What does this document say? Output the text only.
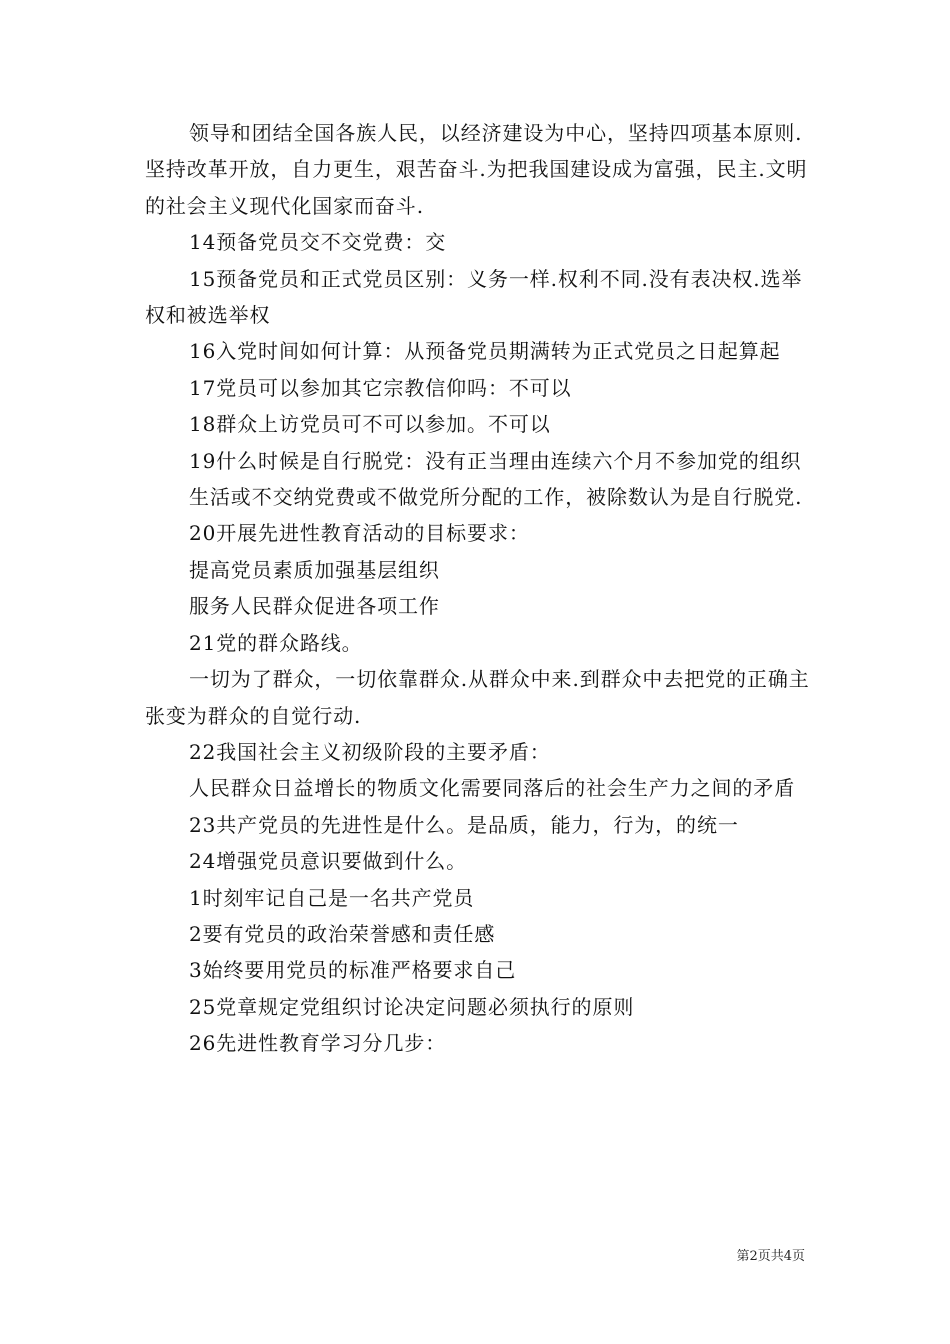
领导和团结全国各族人民，以经济建设为中心，坚持四项基本原则.坚持改革开放，自力更生，艰苦奋斗.为把我国建设成为富强，民主.文明的社会主义现代化国家而奋斗.

14预备党员交不交党费：交

15预备党员和正式党员区别：义务一样.权利不同.没有表决权.选举权和被选举权

16入党时间如何计算：从预备党员期满转为正式党员之日起算起

17党员可以参加其它宗教信仰吗：不可以

18群众上访党员可不可以参加。不可以

19什么时候是自行脱党：没有正当理由连续六个月不参加党的组织

生活或不交纳党费或不做党所分配的工作，被除数认为是自行脱党.

20开展先进性教育活动的目标要求：

提高党员素质加强基层组织

服务人民群众促进各项工作

21党的群众路线。

一切为了群众，一切依靠群众.从群众中来.到群众中去把党的正确主张变为群众的自觉行动.

22我国社会主义初级阶段的主要矛盾：

人民群众日益增长的物质文化需要同落后的社会生产力之间的矛盾

23共产党员的先进性是什么。是品质，能力，行为，的统一

24增强党员意识要做到什么。

1时刻牢记自己是一名共产党员

2要有党员的政治荣誉感和责任感

3始终要用党员的标准严格要求自己

25党章规定党组织讨论决定问题必须执行的原则

26先进性教育学习分几步：

第2页共4页
